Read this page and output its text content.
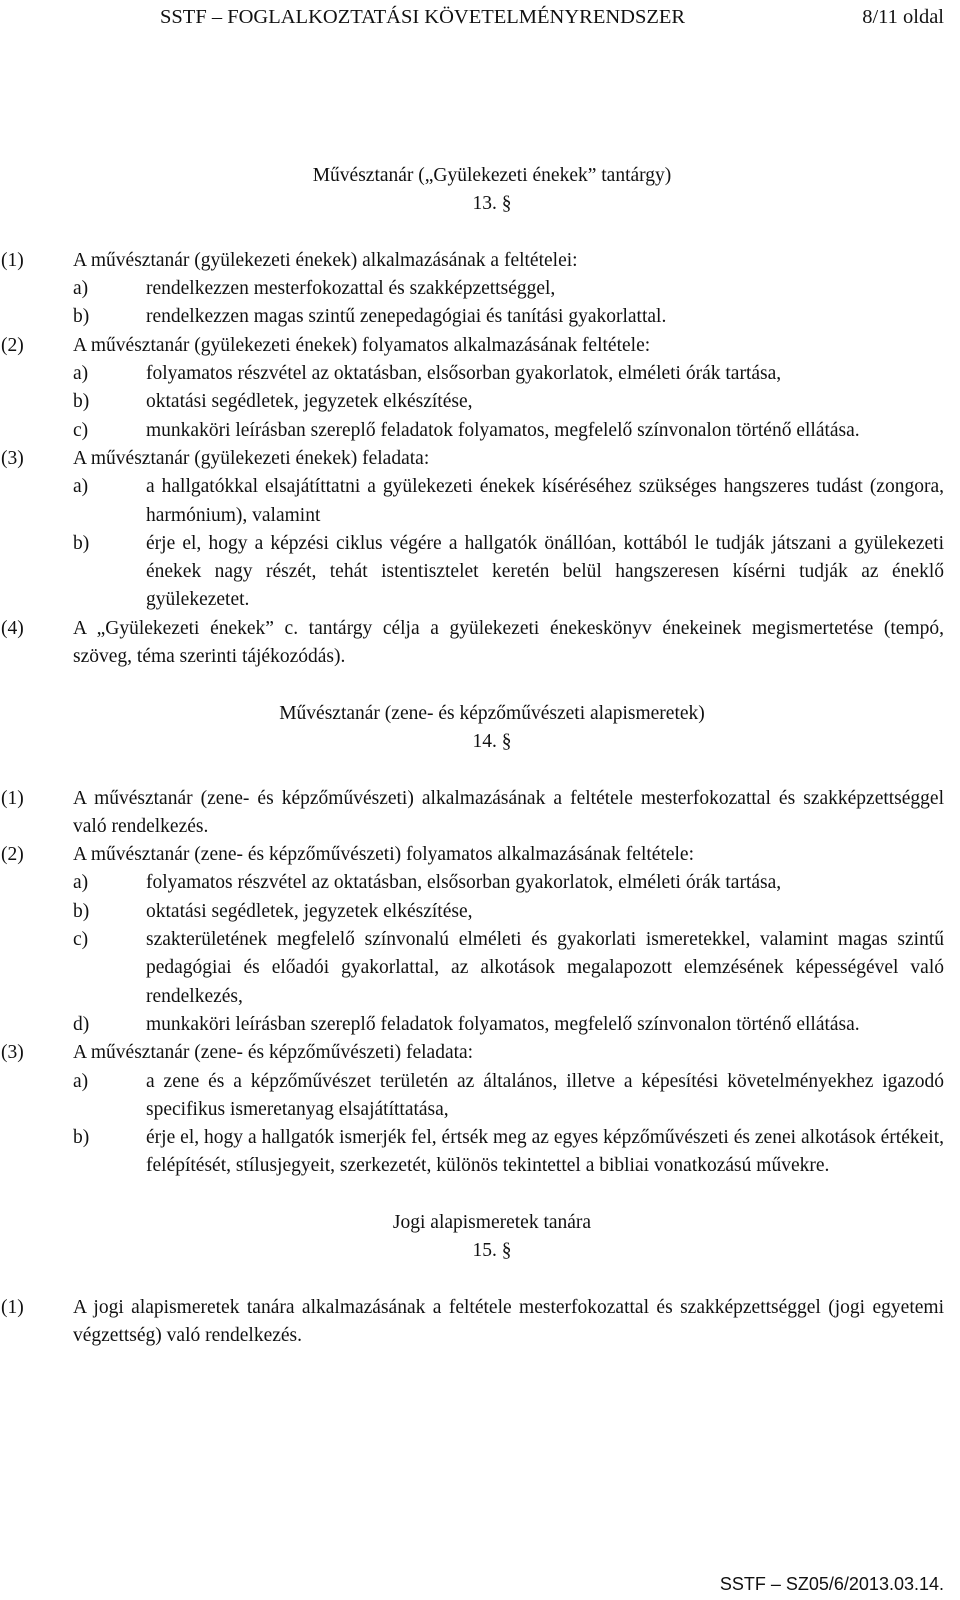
SSTF – FOGLALKOZTATÁSI KÖVETELMÉNYRENDSZER	8/11 oldal
Művésztanár („Gyülekezeti énekek” tantárgy)
13. §
(1)	A művésztanár (gyülekezeti énekek) alkalmazásának a feltételei:
a)	rendelkezzen mesterfokozattal és szakképzettséggel,
b)	rendelkezzen magas szintű zenepedagógiai és tanítási gyakorlattal.
(2)	A művésztanár (gyülekezeti énekek) folyamatos alkalmazásának feltétele:
a)	folyamatos részvétel az oktatásban, elsősorban gyakorlatok, elméleti órák tartása,
b)	oktatási segédletek, jegyzetek elkészítése,
c)	munkaköri leírásban szereplő feladatok folyamatos, megfelelő színvonalon történő ellátása.
(3)	A művésztanár (gyülekezeti énekek) feladata:
a)	a hallgatókkal elsajátíttatni a gyülekezeti énekek kíséréséhez szükséges hangszeres tudást (zongora, harmónium), valamint
b)	érje el, hogy a képzési ciklus végére a hallgatók önállóan, kottából le tudják játszani a gyülekezeti énekek nagy részét, tehát istentisztelet keretén belül hangszeresen kísérni tudják az éneklő gyülekezetet.
(4)	A „Gyülekezeti énekek” c. tantárgy célja a gyülekezeti énekeskönyv énekeinek megismertetése (tempó, szöveg, téma szerinti tájékozódás).
Művésztanár (zene- és képzőművészeti alapismeretek)
14. §
(1)	A művésztanár (zene- és képzőművészeti) alkalmazásának a feltétele mesterfokozattal és szakképzettséggel való rendelkezés.
(2)	A művésztanár (zene- és képzőművészeti) folyamatos alkalmazásának feltétele:
a)	folyamatos részvétel az oktatásban, elsősorban gyakorlatok, elméleti órák tartása,
b)	oktatási segédletek, jegyzetek elkészítése,
c)	szakterületének megfelelő színvonalú elméleti és gyakorlati ismeretekkel, valamint magas szintű pedagógiai és előadói gyakorlattal, az alkotások megalapozott elemzésének képességével való rendelkezés,
d)	munkaköri leírásban szereplő feladatok folyamatos, megfelelő színvonalon történő ellátása.
(3)	A művésztanár (zene- és képzőművészeti) feladata:
a)	a zene és a képzőművészet területén az általános, illetve a képesítési követelményekhez igazodó specifikus ismeretanyag elsajátíttatása,
b)	érje el, hogy a hallgatók ismerjék fel, értsék meg az egyes képzőművészeti és zenei alkotások értékeit, felépítését, stílusjegyeit, szerkezetét, különös tekintettel a bibliai vonatkozású művekre.
Jogi alapismeretek tanára
15. §
(1)	A jogi alapismeretek tanára alkalmazásának a feltétele mesterfokozattal és szakképzettséggel (jogi egyetemi végzettség) való rendelkezés.
SSTF – SZ05/6/2013.03.14.
